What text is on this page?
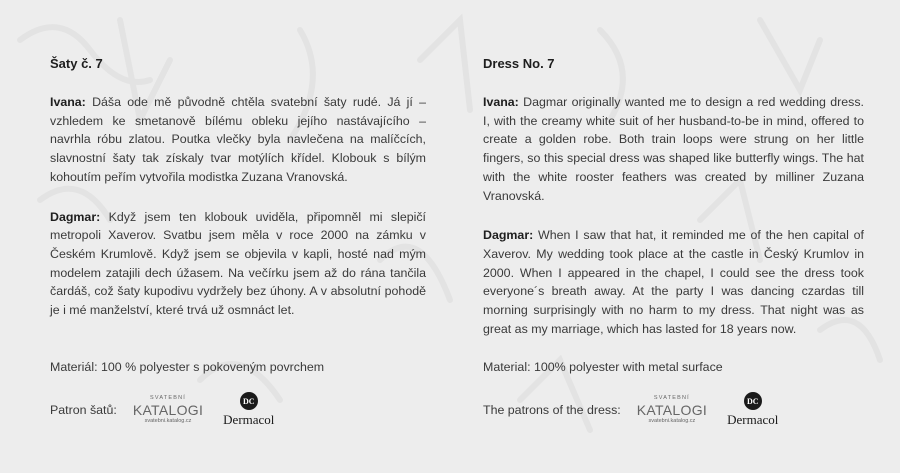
Šaty č. 7

Ivana: Dáša ode mě původně chtěla svatební šaty rudé. Já jí – vzhledem ke smetanově bílému obleku jejího nastávajícího – navrhla róbu zlatou. Poutka vlečky byla navlečena na malíčcích, slavnostní šaty tak získaly tvar motýlích křídel. Klobouk s bílým kohoutím peřím vytvořila modistka Zuzana Vranovská.

Dagmar: Když jsem ten klobouk uviděla, připomněl mi slepičí metropoli Xaverov. Svatbu jsem měla v roce 2000 na zámku v Českém Krumlově. Když jsem se objevila v kapli, hosté nad mým modelem zatajili dech úžasem. Na večírku jsem až do rána tančila čardáš, což šaty kupodivu vydržely bez úhony. A v absolutní pohodě je i mé manželství, které trvá už osmnáct let.

Materiál: 100 % polyester s pokoveným povrchem

Patron šatů:
SVATEBNÍ
KATALOGI
svatebni.katalog.cz
DC
Dermacol
Dress No. 7

Ivana: Dagmar originally wanted me to design a red wedding dress. I, with the creamy white suit of her husband-to-be in mind, offered to create a golden robe. Both train loops were strung on her little fingers, so this special dress was shaped like butterfly wings. The hat with the white rooster feathers was created by milliner Zuzana Vranovská.

Dagmar: When I saw that hat, it reminded me of the hen capital of Xaverov. My wedding took place at the castle in Český Krumlov in 2000. When I appeared in the chapel, I could see the dress took everyone´s breath away. At the party I was dancing czardas till morning surprisingly with no harm to my dress. That night was as great as my marriage, which has lasted for 18 years now.

Material: 100% polyester with metal surface

The patrons of the dress:
SVATEBNÍ
KATALOGI
svatebni.katalog.cz
DC
Dermacol
